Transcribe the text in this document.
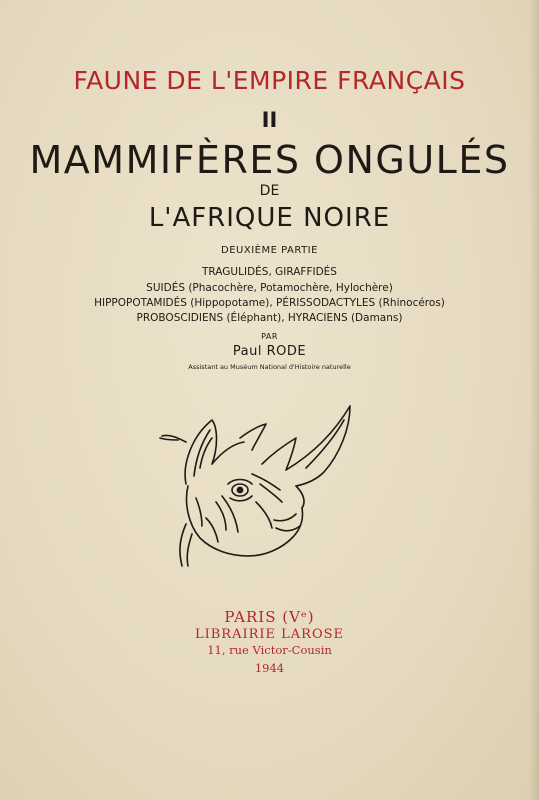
FAUNE DE L'EMPIRE FRANÇAIS
II
MAMMIFÈRES ONGULÉS
DE
L'AFRIQUE NOIRE
DEUXIÈME PARTIE
TRAGULIDÉS, GIRAFFIDÉS
SUIDÉS (Phacochère, Potamochère, Hylochère)
HIPPOPOTAMIDÉS (Hippopotame), PÉRISSODACTYLES (Rhinocéros)
PROBOSCIDIENS (Éléphant), HYRACIENS (Damans)
PAR
Paul RODE
Assistant au Muséum National d'Histoire naturelle
PARIS (Vᵉ)
LIBRAIRIE LAROSE
11, rue Victor-Cousin
1944
